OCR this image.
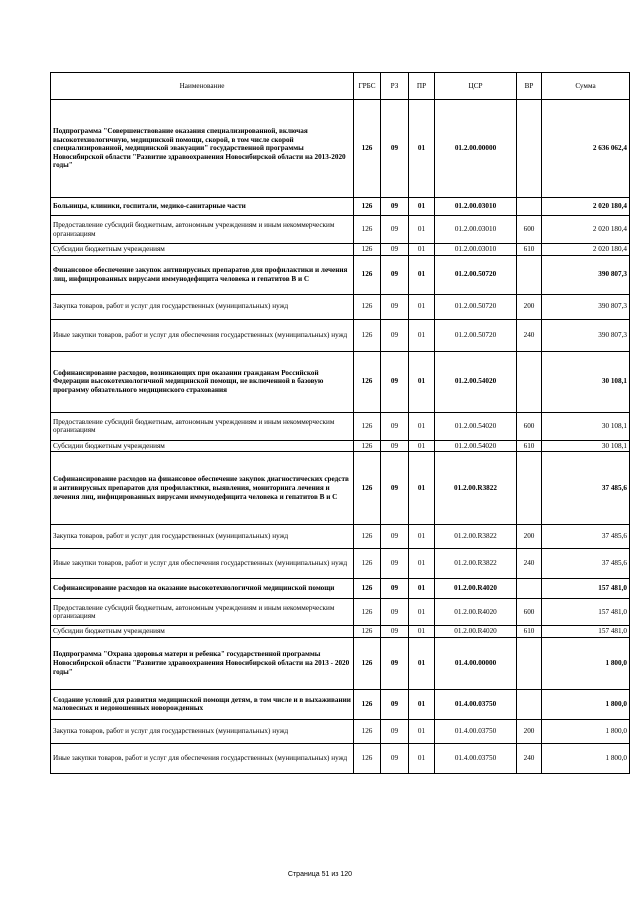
Наименование	ГРБС	РЗ	ПР	ЦСР	ВР	Сумма
Подпрограмма "Совершенствование оказания специализированной, включая высокотехнологичную, медицинской помощи, скорой, в том числе скорой специализированной, медицинской эвакуации" государственной программы Новосибирской области "Развитие здравоохранения Новосибирской области на 2013-2020 годы"	126	09	01	01.2.00.00000		2 636 062,4
Больницы, клиники, госпитали, медико-санитарные части	126	09	01	01.2.00.03010		2 020 180,4
Предоставление субсидий бюджетным, автономным учреждениям и иным некоммерческим организациям	126	09	01	01.2.00.03010	600	2 020 180,4
Субсидии бюджетным учреждениям	126	09	01	01.2.00.03010	610	2 020 180,4
Финансовое обеспечение закупок антивирусных препаратов для профилактики и лечения лиц, инфицированных вирусами иммунодефицита человека и гепатитов В и С	126	09	01	01.2.00.50720		390 807,3
Закупка товаров, работ и услуг для государственных (муниципальных) нужд	126	09	01	01.2.00.50720	200	390 807,3
Иные закупки товаров, работ и услуг для обеспечения государственных (муниципальных) нужд	126	09	01	01.2.00.50720	240	390 807,3
Софинансирование расходов, возникающих при оказании гражданам Российской Федерации высокотехнологичной медицинской помощи, не включенной в базовую программу обязательного медицинского страхования	126	09	01	01.2.00.54020		30 108,1
Предоставление субсидий бюджетным, автономным учреждениям и иным некоммерческим организациям	126	09	01	01.2.00.54020	600	30 108,1
Субсидии бюджетным учреждениям	126	09	01	01.2.00.54020	610	30 108,1
Софинансирование расходов на финансовое обеспечение закупок диагностических средств и антивирусных препаратов для профилактики, выявления, мониторинга лечения и лечения лиц, инфицированных вирусами иммунодефицита человека и гепатитов В и С	126	09	01	01.2.00.R3822		37 485,6
Закупка товаров, работ и услуг для государственных (муниципальных) нужд	126	09	01	01.2.00.R3822	200	37 485,6
Иные закупки товаров, работ и услуг для обеспечения государственных (муниципальных) нужд	126	09	01	01.2.00.R3822	240	37 485,6
Софинансирование расходов на оказание высокотехнологичной медицинской помощи	126	09	01	01.2.00.R4020		157 481,0
Предоставление субсидий бюджетным, автономным учреждениям и иным некоммерческим организациям	126	09	01	01.2.00.R4020	600	157 481,0
Субсидии бюджетным учреждениям	126	09	01	01.2.00.R4020	610	157 481,0
Подпрограмма "Охрана здоровья матери и ребенка" государственной программы Новосибирской области "Развитие здравоохранения Новосибирской области на 2013 - 2020 годы"	126	09	01	01.4.00.00000		1 800,0
Создание условий для развития медицинской помощи детям, в том числе и в выхаживании маловесных и недоношенных новорожденных	126	09	01	01.4.00.03750		1 800,0
Закупка товаров, работ и услуг для государственных (муниципальных) нужд	126	09	01	01.4.00.03750	200	1 800,0
Иные закупки товаров, работ и услуг для обеспечения государственных (муниципальных) нужд	126	09	01	01.4.00.03750	240	1 800,0
Страница 51 из 120
